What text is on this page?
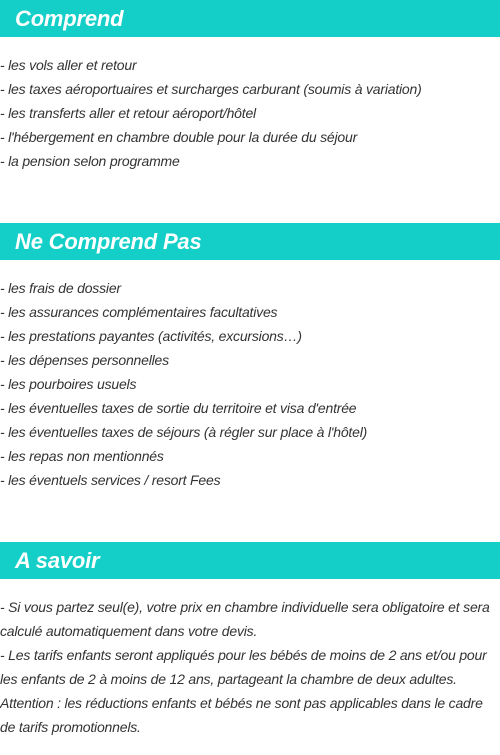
Comprend
- les vols aller et retour
- les taxes aéroportuaires et surcharges carburant (soumis à variation)
- les transferts aller et retour aéroport/hôtel
- l'hébergement en chambre double pour la durée du séjour
- la pension selon programme
Ne Comprend Pas
- les frais de dossier
- les assurances complémentaires facultatives
- les prestations payantes (activités, excursions…)
- les dépenses personnelles
- les pourboires usuels
- les éventuelles taxes de sortie du territoire et visa d'entrée
- les éventuelles taxes de séjours (à régler sur place à l'hôtel)
- les repas non mentionnés
- les éventuels services / resort Fees
A savoir

- Si vous partez seul(e), votre prix en chambre individuelle sera obligatoire et sera calculé automatiquement dans votre devis.

- Les tarifs enfants seront appliqués pour les bébés de moins de 2 ans et/ou pour les enfants de 2 à moins de 12 ans, partageant la chambre de deux adultes.

Attention : les réductions enfants et bébés ne sont pas applicables dans le cadre de tarifs promotionnels.
